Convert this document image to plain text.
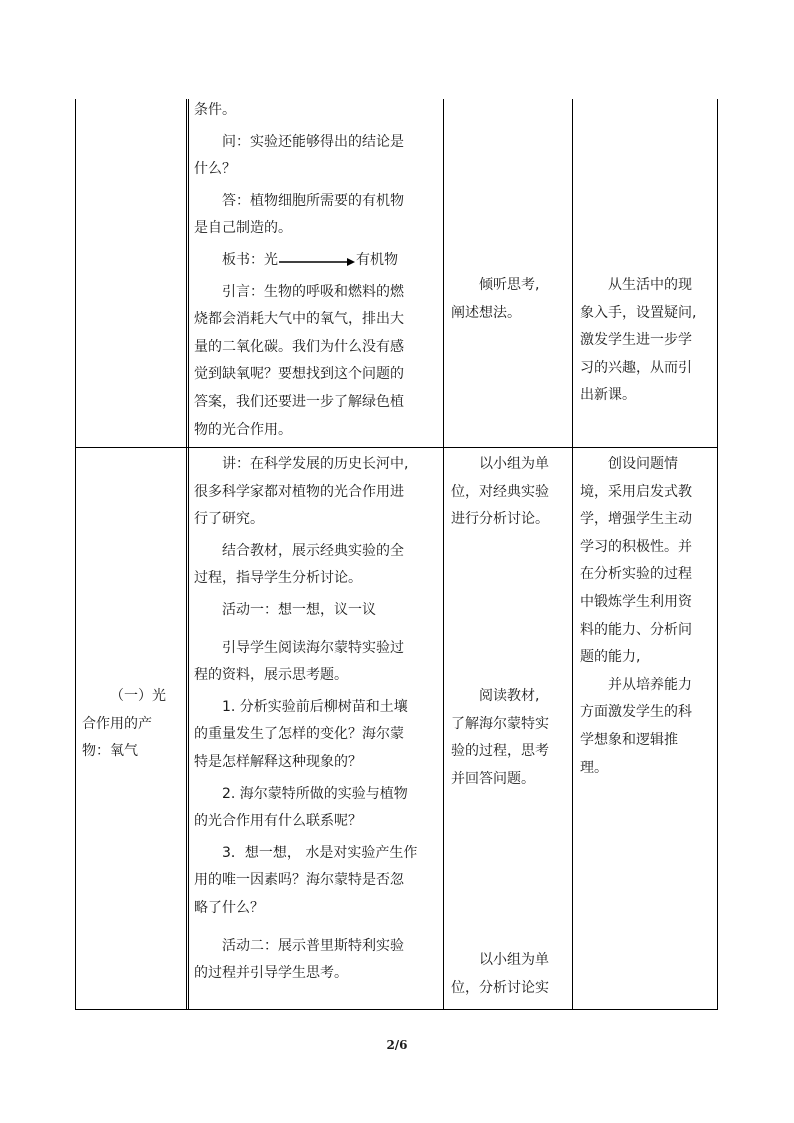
条件。

问：实验还能够得出的结论是

什么？

答：植物细胞所需要的有机物

是自己制造的。

板书：光	有机物

引言：生物的呼吸和燃料的燃

烧都会消耗大气中的氧气，排出大

量的二氧化碳。我们为什么没有感

觉到缺氧呢？要想找到这个问题的

答案，我们还要进一步了解绿色植

物的光合作用。

倾听思考,

阐述想法。

从生活中的现

象入手，设置疑问,

激发学生进一步学

习的兴趣，从而引

出新课。

（一）光

合作用的产

物：氧气

讲：在科学发展的历史长河中,

很多科学家都对植物的光合作用进

行了研究。

结合教材，展示经典实验的全

过程，指导学生分析讨论。

活动一：想一想，议一议

引导学生阅读海尔蒙特实验过

程的资料，展示思考题。

1. 分析实验前后柳树苗和土壤

的重量发生了怎样的变化？海尔蒙

特是怎样解释这种现象的？

2. 海尔蒙特所做的实验与植物

的光合作用有什么联系呢？

3．想一想， 水是对实验产生作

用的唯一因素吗？海尔蒙特是否忽

略了什么？

活动二：展示普里斯特利实验

的过程并引导学生思考。

以小组为单

位，对经典实验

进行分析讨论。

阅读教材,

了解海尔蒙特实

验的过程，思考

并回答问题。

以小组为单

位，分析讨论实

创设问题情

境，采用启发式教

学，增强学生主动

学习的积极性。并

在分析实验的过程

中锻炼学生利用资

料的能力、分析问

题的能力,

并从培养能力

方面激发学生的科

学想象和逻辑推

理。

2/6
